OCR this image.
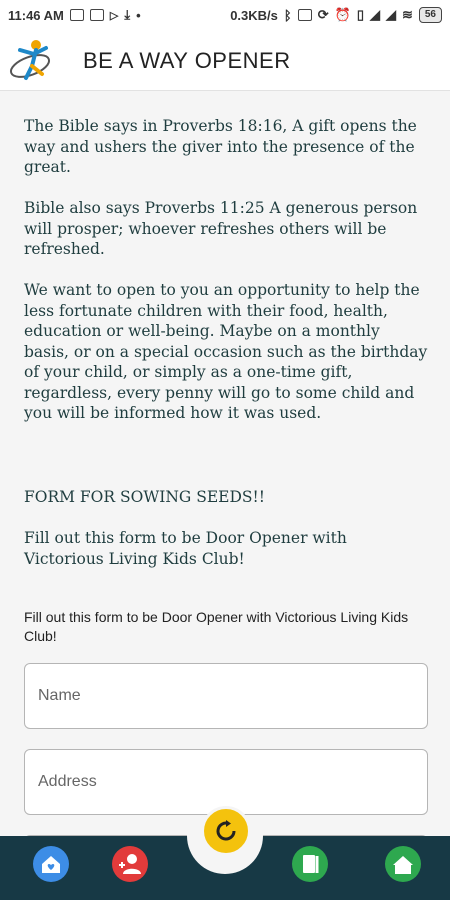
11:46 AM	▷ ⤓ •	0.3KB/s ᛒ ⟳ ⏰ ▯ ◢ ◢ ≋	56
BE A WAY OPENER
The Bible says in Proverbs 18:16, A gift opens the way and ushers the giver into the presence of the great.
Bible also says Proverbs 11:25 A generous person will prosper; whoever refreshes others will be refreshed.
We want to open to you an opportunity to help the less fortunate children with their food, health, education or well-being. Maybe on a monthly basis, or on a special occasion such as the birthday of your child, or simply as a one-time gift, regardless, every penny will go to some child and you will be informed how it was used.
FORM FOR SOWING SEEDS!!
Fill out this form to be Door Opener with Victorious Living Kids Club!
Fill out this form to be Door Opener with Victorious Living Kids Club!
Name
Address
